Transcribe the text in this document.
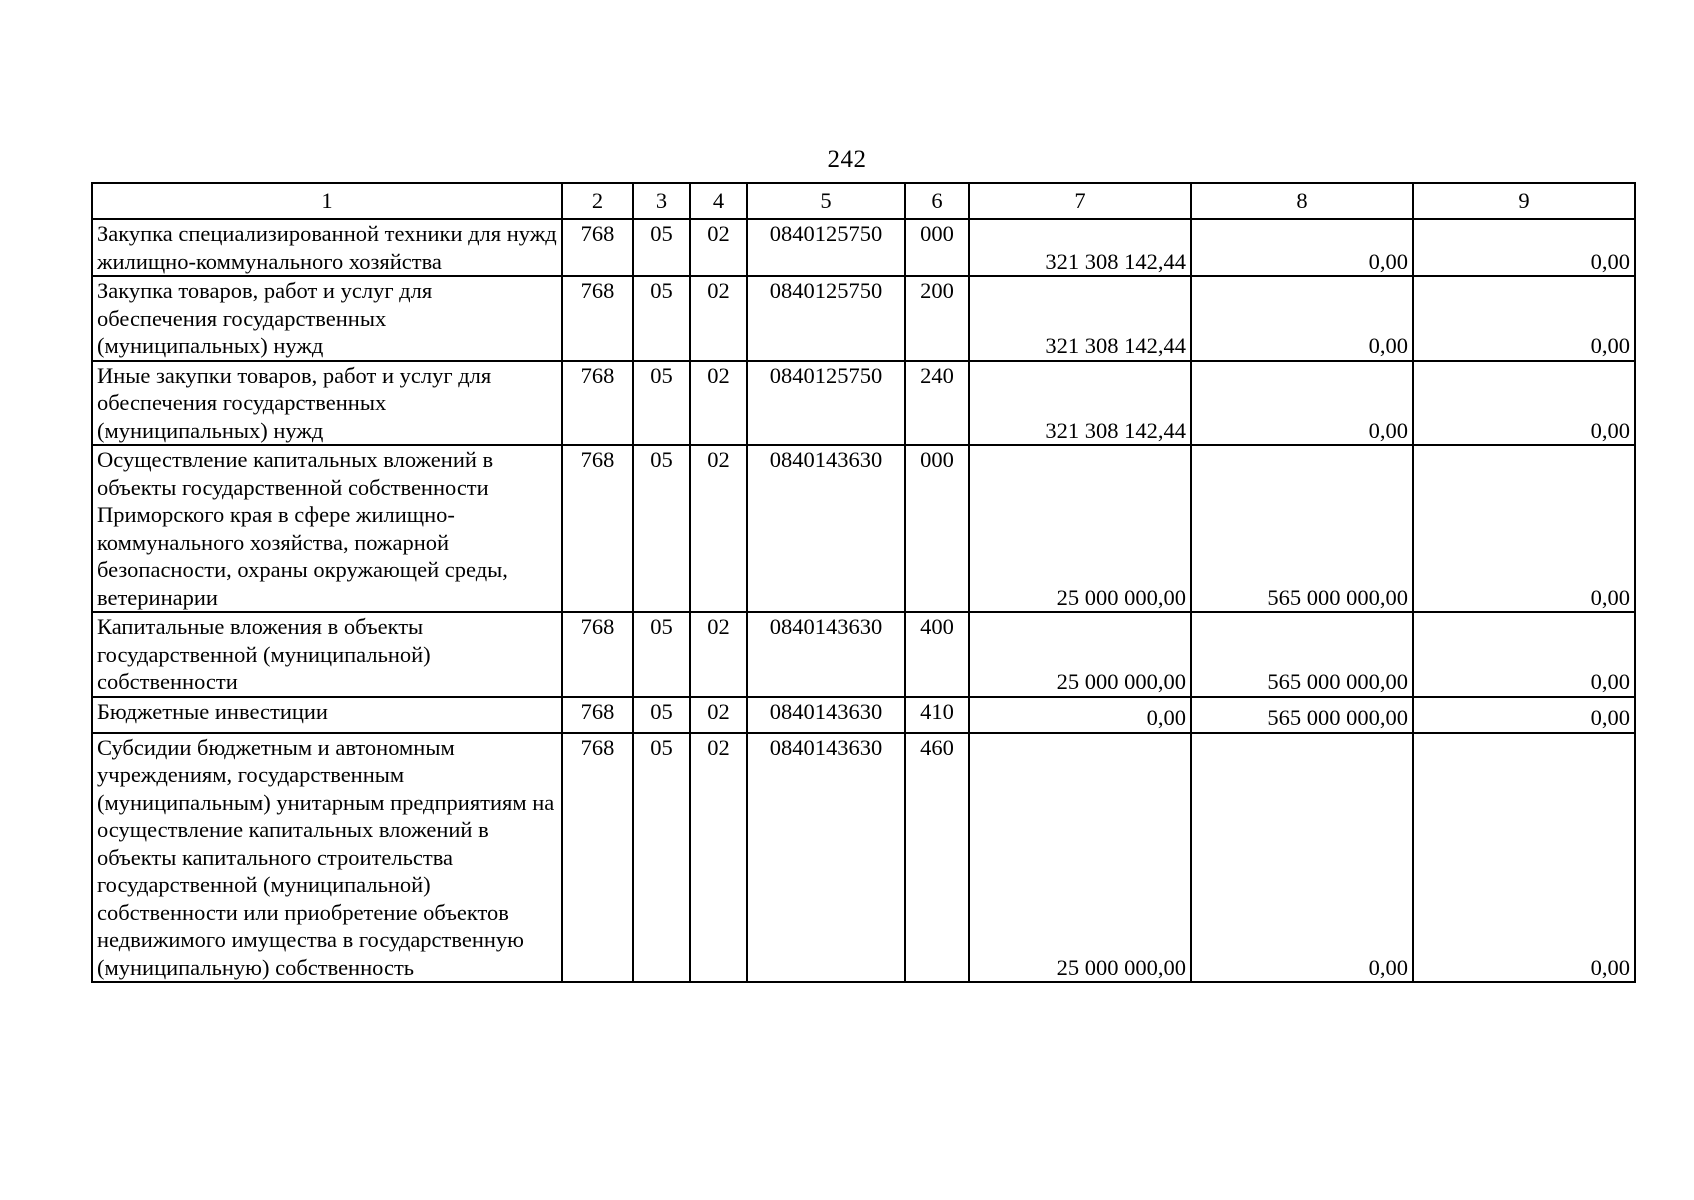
242
1	2	3	4	5	6	7	8	9
Закупка специализированной техники для нужд жилищно-коммунального хозяйства	768	05	02	0840125750	000	321 308 142,44	0,00	0,00
Закупка товаров, работ и услуг для обеспечения государственных (муниципальных) нужд	768	05	02	0840125750	200	321 308 142,44	0,00	0,00
Иные закупки товаров, работ и услуг для обеспечения государственных (муниципальных) нужд	768	05	02	0840125750	240	321 308 142,44	0,00	0,00
Осуществление капитальных вложений в объекты государственной собственности Приморского края в сфере жилищно-коммунального хозяйства, пожарной безопасности, охраны окружающей среды, ветеринарии	768	05	02	0840143630	000	25 000 000,00	565 000 000,00	0,00
Капитальные вложения в объекты государственной (муниципальной) собственности	768	05	02	0840143630	400	25 000 000,00	565 000 000,00	0,00
Бюджетные инвестиции	768	05	02	0840143630	410	0,00	565 000 000,00	0,00
Субсидии бюджетным и автономным учреждениям, государственным (муниципальным) унитарным предприятиям на осуществление капитальных вложений в объекты капитального строительства государственной (муниципальной) собственности или приобретение объектов недвижимого имущества в государственную (муниципальную) собственность	768	05	02	0840143630	460	25 000 000,00	0,00	0,00
